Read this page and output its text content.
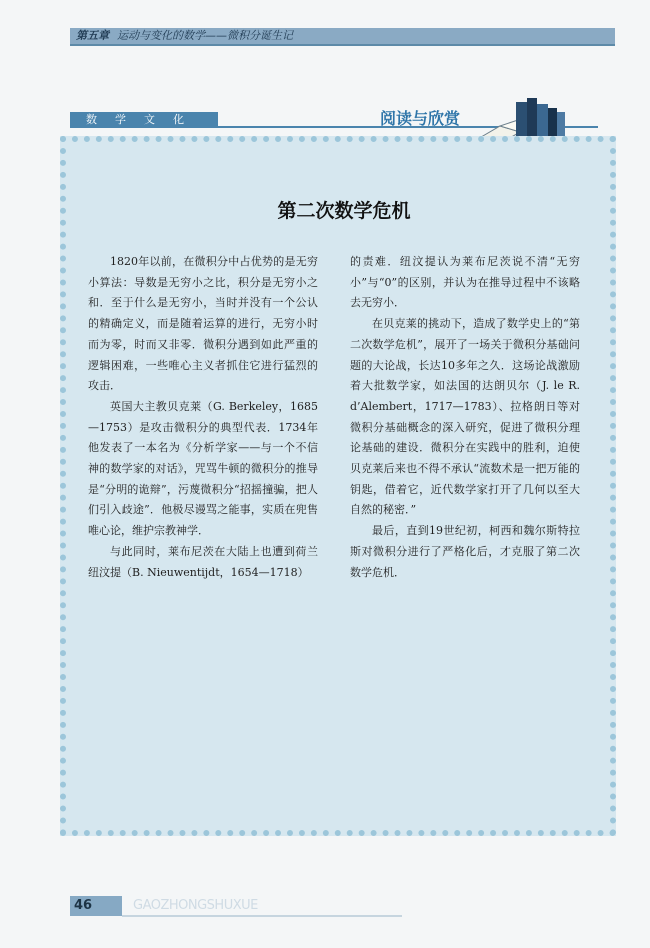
第五章 运动与变化的数学——微积分诞生记
数学文化	阅读与欣赏
第二次数学危机

1820年以前，在微积分中占优势的是无穷小算法：导数是无穷小之比，积分是无穷小之和．至于什么是无穷小，当时并没有一个公认的精确定义，而是随着运算的进行，无穷小时而为零，时而又非零．微积分遇到如此严重的逻辑困难，一些唯心主义者抓住它进行猛烈的攻击．

英国大主教贝克莱（G. Berkeley，1685—1753）是攻击微积分的典型代表．1734年他发表了一本名为《分析学家——与一个不信神的数学家的对话》，咒骂牛顿的微积分的推导是“分明的诡辩”，污蔑微积分“招摇撞骗，把人们引入歧途”．他极尽谩骂之能事，实质在兜售唯心论，维护宗教神学．

与此同时，莱布尼茨在大陆上也遭到荷兰纽汶提（B. Nieuwentijdt，1654—1718）

的责难．纽汶提认为莱布尼茨说不清“无穷小”与“0”的区别，并认为在推导过程中不该略去无穷小．

在贝克莱的挑动下，造成了数学史上的“第二次数学危机”，展开了一场关于微积分基础问题的大论战，长达10多年之久．这场论战激励着大批数学家，如法国的达朗贝尔（J. le R. d’Alembert，1717—1783）、拉格朗日等对微积分基础概念的深入研究，促进了微积分理论基础的建设．微积分在实践中的胜利，迫使贝克莱后来也不得不承认“流数术是一把万能的钥匙，借着它，近代数学家打开了几何以至大自然的秘密．”

最后，直到19世纪初，柯西和魏尔斯特拉斯对微积分进行了严格化后，才克服了第二次数学危机．

46	GAOZHONGSHUXUE
